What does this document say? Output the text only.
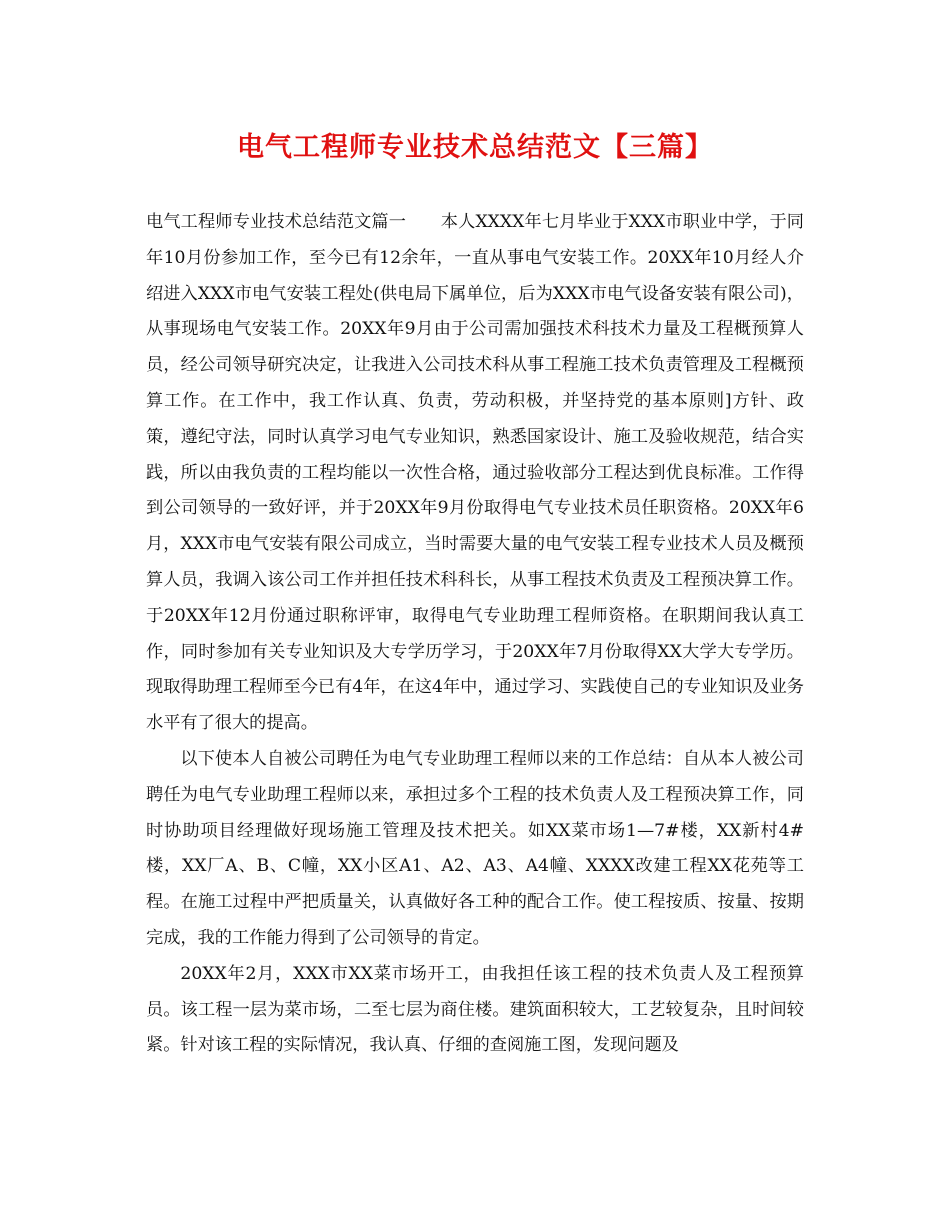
电气工程师专业技术总结范文【三篇】

电气工程师专业技术总结范文篇一　　本人XXXX年七月毕业于XXX市职业中学，于同年10月份参加工作，至今已有12余年，一直从事电气安装工作。20XX年10月经人介绍进入XXX市电气安装工程处(供电局下属单位，后为XXX市电气设备安装有限公司)，从事现场电气安装工作。20XX年9月由于公司需加强技术科技术力量及工程概预算人员，经公司领导研究决定，让我进入公司技术科从事工程施工技术负责管理及工程概预算工作。在工作中，我工作认真、负责，劳动积极，并坚持党的基本原则]方针、政策，遵纪守法，同时认真学习电气专业知识，熟悉国家设计、施工及验收规范，结合实践，所以由我负责的工程均能以一次性合格，通过验收部分工程达到优良标准。工作得到公司领导的一致好评，并于20XX年9月份取得电气专业技术员任职资格。20XX年6月，XXX市电气安装有限公司成立，当时需要大量的电气安装工程专业技术人员及概预算人员，我调入该公司工作并担任技术科科长，从事工程技术负责及工程预决算工作。于20XX年12月份通过职称评审，取得电气专业助理工程师资格。在职期间我认真工作，同时参加有关专业知识及大专学历学习，于20XX年7月份取得XX大学大专学历。现取得助理工程师至今已有4年，在这4年中，通过学习、实践使自己的专业知识及业务水平有了很大的提高。

以下使本人自被公司聘任为电气专业助理工程师以来的工作总结：自从本人被公司聘任为电气专业助理工程师以来，承担过多个工程的技术负责人及工程预决算工作，同时协助项目经理做好现场施工管理及技术把关。如XX菜市场1—7#楼，XX新村4#楼，XX厂A、B、C幢，XX小区A1、A2、A3、A4幢、XXXX改建工程XX花苑等工程。在施工过程中严把质量关，认真做好各工种的配合工作。使工程按质、按量、按期完成，我的工作能力得到了公司领导的肯定。

20XX年2月，XXX市XX菜市场开工，由我担任该工程的技术负责人及工程预算员。该工程一层为菜市场，二至七层为商住楼。建筑面积较大，工艺较复杂，且时间较紧。针对该工程的实际情况，我认真、仔细的查阅施工图，发现问题及
